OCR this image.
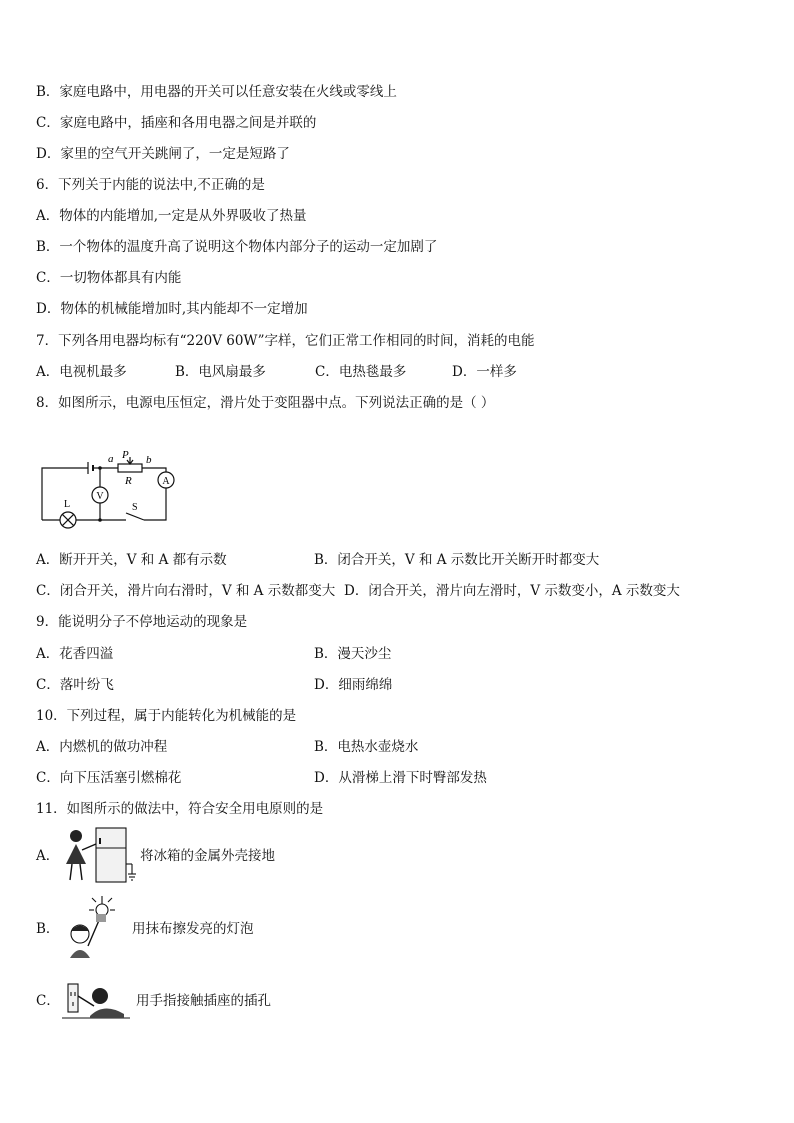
B．家庭电路中，用电器的开关可以任意安装在火线或零线上
C．家庭电路中，插座和各用电器之间是并联的
D．家里的空气开关跳闸了，一定是短路了
6．下列关于内能的说法中,不正确的是
A．物体的内能增加,一定是从外界吸收了热量
B．一个物体的温度升高了说明这个物体内部分子的运动一定加剧了
C．一切物体都具有内能
D．物体的机械能增加时,其内能却不一定增加
7．下列各用电器均标有“220V 60W”字样，它们正常工作相同的时间，消耗的电能
A．电视机最多	B．电风扇最多	C．电热毯最多	D．一样多
8．如图所示，电源电压恒定，滑片处于变阻器中点。下列说法正确的是（ ）
a P b
R
V
A
L	S
A．断开开关，V 和 A 都有示数	B．闭合开关，V 和 A 示数比开关断开时都变大
C．闭合开关，滑片向右滑时，V 和 A 示数都变大 D．闭合开关，滑片向左滑时，V 示数变小，A 示数变大
9．能说明分子不停地运动的现象是
A．花香四溢	B．漫天沙尘
C．落叶纷飞	D．细雨绵绵
10．下列过程，属于内能转化为机械能的是
A．内燃机的做功冲程	B．电热水壶烧水
C．向下压活塞引燃棉花	D．从滑梯上滑下时臀部发热
11．如图所示的做法中，符合安全用电原则的是
A．	将冰箱的金属外壳接地
B．	用抹布擦发亮的灯泡
C．	用手指接触插座的插孔
